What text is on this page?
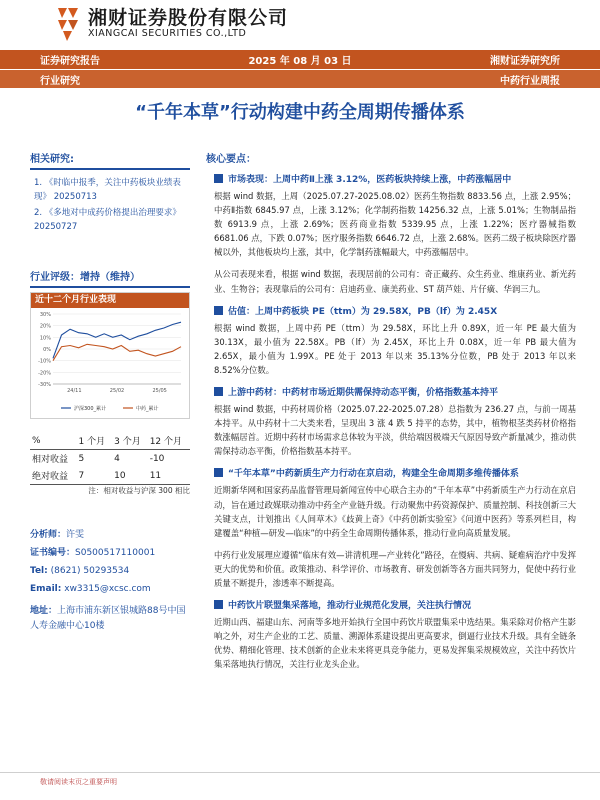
湘财证券股份有限公司
XIANGCAI SECURITIES CO.,LTD
证券研究报告	2025 年 08 月 03 日	湘财证券研究所
行业研究	中药行业周报
“千年本草”行动构建中药全周期传播体系
相关研究:
1. 《时临中报季，关注中药板块业绩表现》 20250713
2. 《多地对中成药价格提出治理要求》 20250727
行业评级：增持（维持）
近十二个月行业表现
-30%
-20%
-10%
0%
10%
20%
30%
24/11	25/02	25/05
沪深300_累计	中药_累计
%	1 个月	3 个月	12 个月
相对收益	5	4	-10
绝对收益	7	10	11
注：相对收益与沪深 300 相比
分析师：许雯
证书编号：S0500517110001
Tel: (8621) 50293534
Email: xw3315@xcsc.com
地址：上海市浦东新区银城路88号中国人寿金融中心10楼
核心要点：
市场表现：上周中药Ⅱ上涨 3.12%，医药板块持续上涨，中药涨幅居中
根据 wind 数据，上周（2025.07.27-2025.08.02）医药生物指数 8833.56 点，上涨 2.95%；中药Ⅱ指数 6845.97 点，上涨 3.12%；化学制药指数 14256.32 点，上涨 5.01%；生物制品指数 6913.9 点，上涨 2.69%；医药商业指数 5339.95 点，上涨 1.22%；医疗器械指数 6681.06 点，下跌 0.07%；医疗服务指数 6646.72 点，上涨 2.68%。医药二级子板块除医疗器械以外，其他板块均上涨，其中，化学制药涨幅最大，中药涨幅居中。
从公司表现来看，根据 wind 数据，表现居前的公司有：奇正藏药、众生药业、维康药业、新光药业、生物谷；表现靠后的公司有：启迪药业、康美药业、ST 葫芦娃、片仔癀、华润三九。
估值：上周中药板块 PE（ttm）为 29.58X，PB（lf）为 2.45X
根据 wind 数据，上周中药 PE（ttm）为 29.58X，环比上升 0.89X，近一年 PE 最大值为 30.13X，最小值为 22.58X。PB（lf）为 2.45X，环比上升 0.08X，近一年 PB 最大值为 2.65X，最小值为 1.99X。PE 处于 2013 年以来 35.13%分位数，PB 处于 2013 年以来 8.52%分位数。
上游中药材：中药材市场近期供需保持动态平衡，价格指数基本持平
根据 wind 数据，中药材周价格（2025.07.22-2025.07.28）总指数为 236.27 点，与前一周基本持平。从中药材十二大类来看，呈现出 3 涨 4 跌 5 持平的态势，其中，植物根茎类药材价格指数涨幅居首。近期中药材市场需求总体较为平淡，供给端因极端天气原因导致产新量减少，推动供需保持动态平衡，价格指数基本持平。
“千年本草”中药新质生产力行动在京启动，构建全生命周期多维传播体系
近期新华网和国家药品监督管理局新闻宣传中心联合主办的“千年本草”中药新质生产力行动在京启动，旨在通过政媒联动推动中药全产业链升级。行动聚焦中药资源保护、质量控制、科技创新三大关键支点，计划推出《人间草木》《歧黄上奇》《中药创新实验室》《问道中医药》等系列栏目，构建覆盖“种植—研发—临床”的中药全生命周期传播体系，推动行业向高质量发展。
中药行业发展理应遵循“临床有效—讲清机理—产业转化”路径，在慢病、共病、疑难病治疗中发挥更大的优势和价值。政策推动、科学评价、市场教育、研发创新等各方面共同努力，促使中药行业质量不断提升，渗透率不断提高。
中药饮片联盟集采落地，推动行业规范化发展，关注执行情况
近期山西、福建山东、河南等多地开始执行全国中药饮片联盟集采中选结果。集采除对价格产生影响之外，对生产企业的工艺、质量、溯源体系建设提出更高要求，倒逼行业技术升级。具有全链条优势、精细化管理、技术创新的企业未来将更具竞争能力，更易发挥集采规模效应，关注中药饮片集采落地执行情况，关注行业龙头企业。
敬请阅读末页之重要声明
